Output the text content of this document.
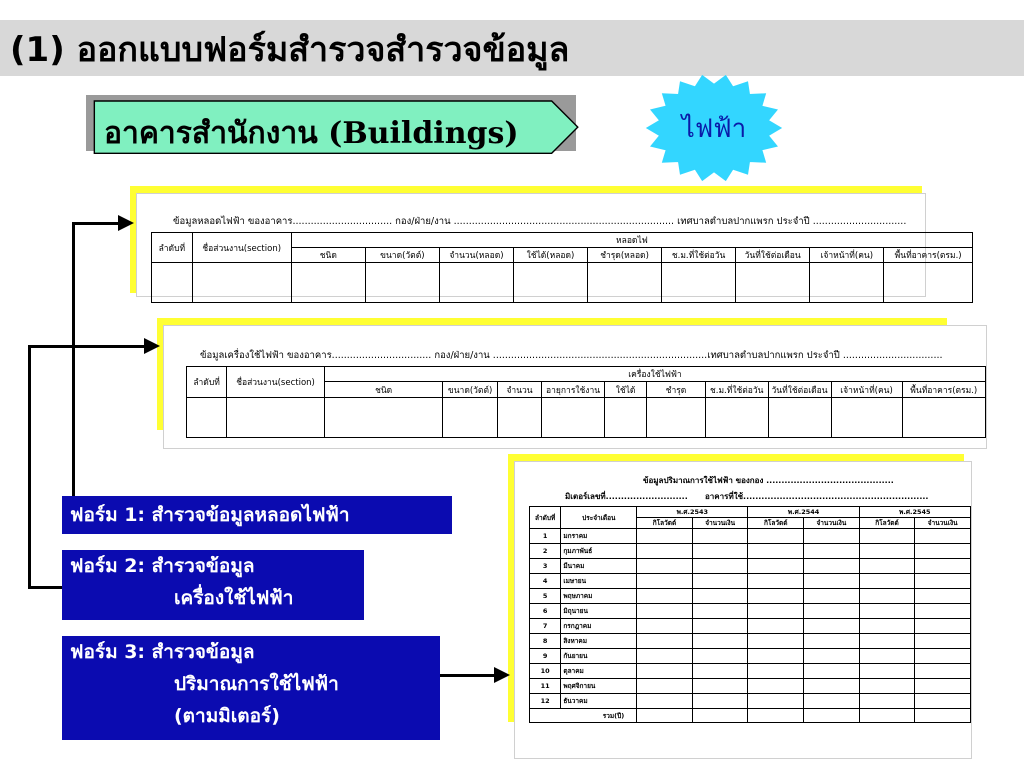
(1) ออกแบบฟอร์มสำรวจสำรวจข้อมูล
อาคารสำนักงาน (Buildings)	ไฟฟ้า
ข้อมูลหลอดไฟฟ้า ของอาคาร................................. กอง/ฝ่าย/งาน ......................................................................... เทศบาลตำบลปากแพรก ประจำปี ...............................
ลำดับที่	ชื่อส่วนงาน(section)	หลอดไฟ								
		ชนิด	ขนาด(วัตต์)	จำนวน(หลอด)	ใช้ได้(หลอด)	ชำรุด(หลอด)	ช.ม.ที่ใช้ต่อวัน	วันที่ใช้ต่อเดือน	เจ้าหน้าที่(คน)	พื้นที่อาคาร(ตรม.)

ข้อมูลเครื่องใช้ไฟฟ้า ของอาคาร................................. กอง/ฝ่าย/งาน .......................................................................เทศบาลตำบลปากแพรก ประจำปี .................................
ลำดับที่	ชื่อส่วนงาน(section)	เครื่องใช้ไฟฟ้า									
		ชนิด	ขนาด(วัตต์)	จำนวน	อายุการใช้งาน	ใช้ได้	ชำรุด	ช.ม.ที่ใช้ต่อวัน	วันที่ใช้ต่อเดือน	เจ้าหน้าที่(คน)	พื้นที่อาคาร(ตรม.)

ข้อมูลปริมาณการใช้ไฟฟ้า ของกอง ..........................................
มิเตอร์เลขที่........................... อาคารที่ใช้.............................................................
ลำดับที่	ประจำเดือน	พ.ศ.2543		พ.ศ.2544		พ.ศ.2545	
		กิโลวัตต์	จำนวนเงิน	กิโลวัตต์	จำนวนเงิน	กิโลวัตต์	จำนวนเงิน
1	มกราคม						
2	กุมภาพันธ์						
3	มีนาคม						
4	เมษายน						
5	พฤษภาคม						
6	มิถุนายน						
7	กรกฎาคม						
8	สิงหาคม						
9	กันยายน						
10	ตุลาคม						
11	พฤศจิกายน						
12	ธันวาคม						
รวม(ปี)							
ฟอร์ม 1: สำรวจข้อมูลหลอดไฟฟ้า
ฟอร์ม 2: สำรวจข้อมูล
เครื่องใช้ไฟฟ้า
ฟอร์ม 3: สำรวจข้อมูล
ปริมาณการใช้ไฟฟ้า
(ตามมิเตอร์)
